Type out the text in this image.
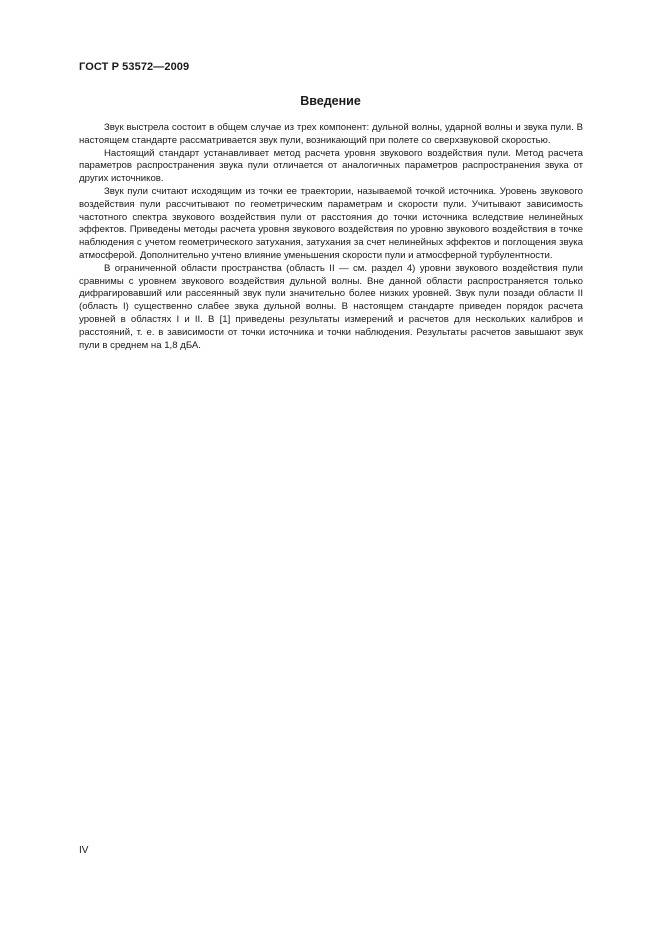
ГОСТ Р 53572—2009
Введение

Звук выстрела состоит в общем случае из трех компонент: дульной волны, ударной волны и звука пули. В настоящем стандарте рассматривается звук пули, возникающий при полете со сверхзвуковой скоростью.

Настоящий стандарт устанавливает метод расчета уровня звукового воздействия пули. Метод расчета параметров распространения звука пули отличается от аналогичных параметров распространения звука от других источников.

Звук пули считают исходящим из точки ее траектории, называемой точкой источника. Уровень звукового воздействия пули рассчитывают по геометрическим параметрам и скорости пули. Учитывают зависимость частотного спектра звукового воздействия пули от расстояния до точки источника вследствие нелинейных эффектов. Приведены методы расчета уровня звукового воздействия по уровню звукового воздействия в точке наблюдения с учетом геометрического затухания, затухания за счет нелинейных эффектов и поглощения звука атмосферой. Дополнительно учтено влияние уменьшения скорости пули и атмосферной турбулентности.

В ограниченной области пространства (область II — см. раздел 4) уровни звукового воздействия пули сравнимы с уровнем звукового воздействия дульной волны. Вне данной области распространяется только дифрагировавший или рассеянный звук пули значительно более низких уровней. Звук пули позади области II (область I) существенно слабее звука дульной волны. В настоящем стандарте приведен порядок расчета уровней в областях I и II. В [1] приведены результаты измерений и расчетов для нескольких калибров и расстояний, т. е. в зависимости от точки источника и точки наблюдения. Результаты расчетов завышают звук пули в среднем на 1,8 дБА.

IV
